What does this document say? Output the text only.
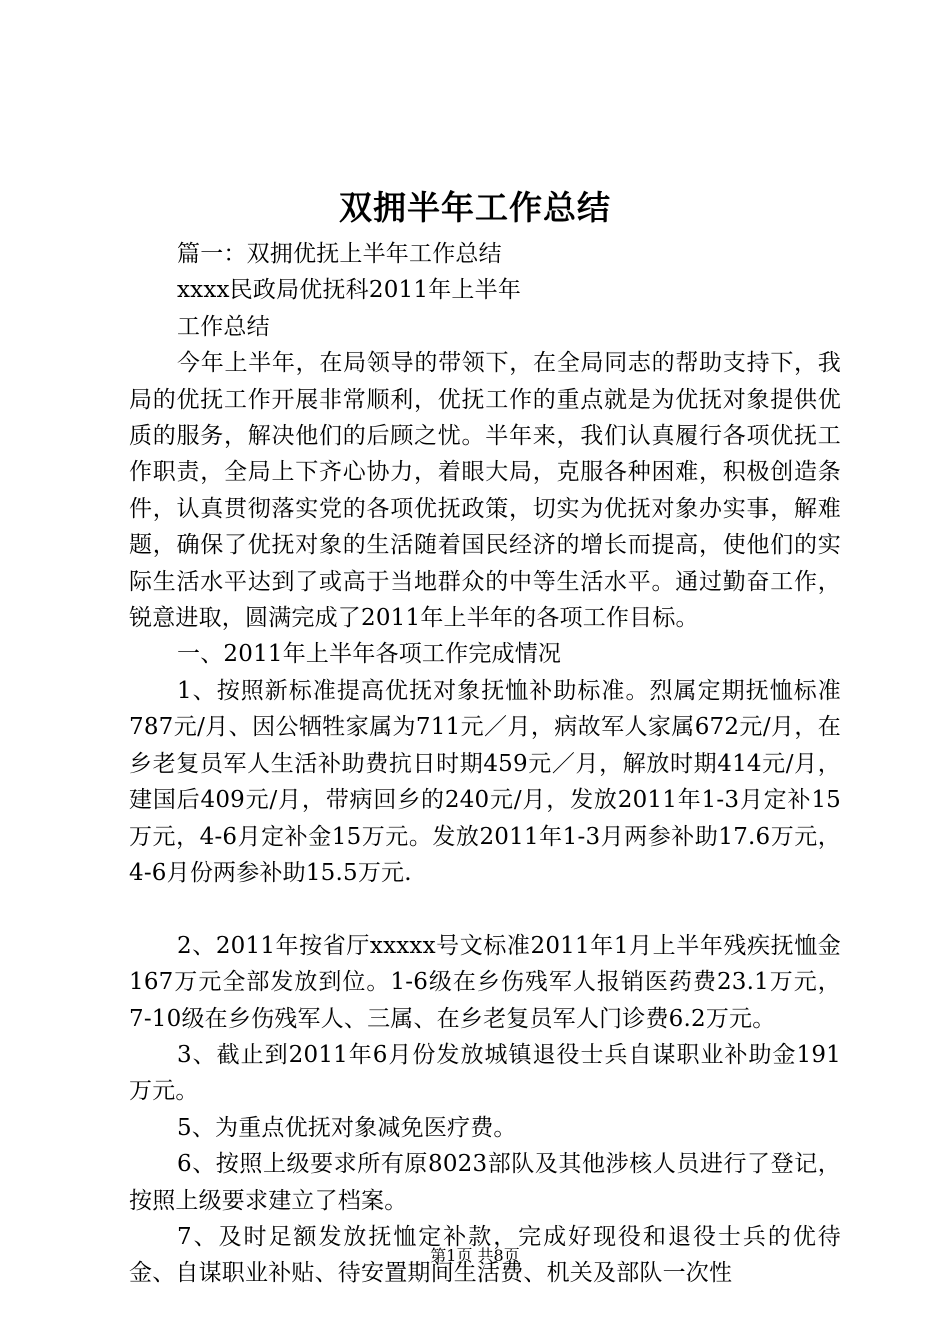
双拥半年工作总结

篇一：双拥优抚上半年工作总结

xxxx民政局优抚科2011年上半年

工作总结

今年上半年，在局领导的带领下，在全局同志的帮助支持下，我局的优抚工作开展非常顺利，优抚工作的重点就是为优抚对象提供优质的服务，解决他们的后顾之忧。半年来，我们认真履行各项优抚工作职责，全局上下齐心协力，着眼大局，克服各种困难，积极创造条件，认真贯彻落实党的各项优抚政策，切实为优抚对象办实事，解难题，确保了优抚对象的生活随着国民经济的增长而提高，使他们的实际生活水平达到了或高于当地群众的中等生活水平。通过勤奋工作，锐意进取，圆满完成了2011年上半年的各项工作目标。

一、2011年上半年各项工作完成情况

1、按照新标准提高优抚对象抚恤补助标准。烈属定期抚恤标准787元/月、因公牺牲家属为711元／月，病故军人家属672元/月，在乡老复员军人生活补助费抗日时期459元／月，解放时期414元/月，建国后409元/月，带病回乡的240元/月，发放2011年1-3月定补15万元，4-6月定补金15万元。发放2011年1-3月两参补助17.6万元，4-6月份两参补助15.5万元.

2、2011年按省厅xxxxx号文标准2011年1月上半年残疾抚恤金167万元全部发放到位。1-6级在乡伤残军人报销医药费23.1万元，7-10级在乡伤残军人、三属、在乡老复员军人门诊费6.2万元。

3、截止到2011年6月份发放城镇退役士兵自谋职业补助金191万元。

5、为重点优抚对象减免医疗费。

6、按照上级要求所有原8023部队及其他涉核人员进行了登记，按照上级要求建立了档案。

7、及时足额发放抚恤定补款，完成好现役和退役士兵的优待金、自谋职业补贴、待安置期间生活费、机关及部队一次性

第1页 共8页
